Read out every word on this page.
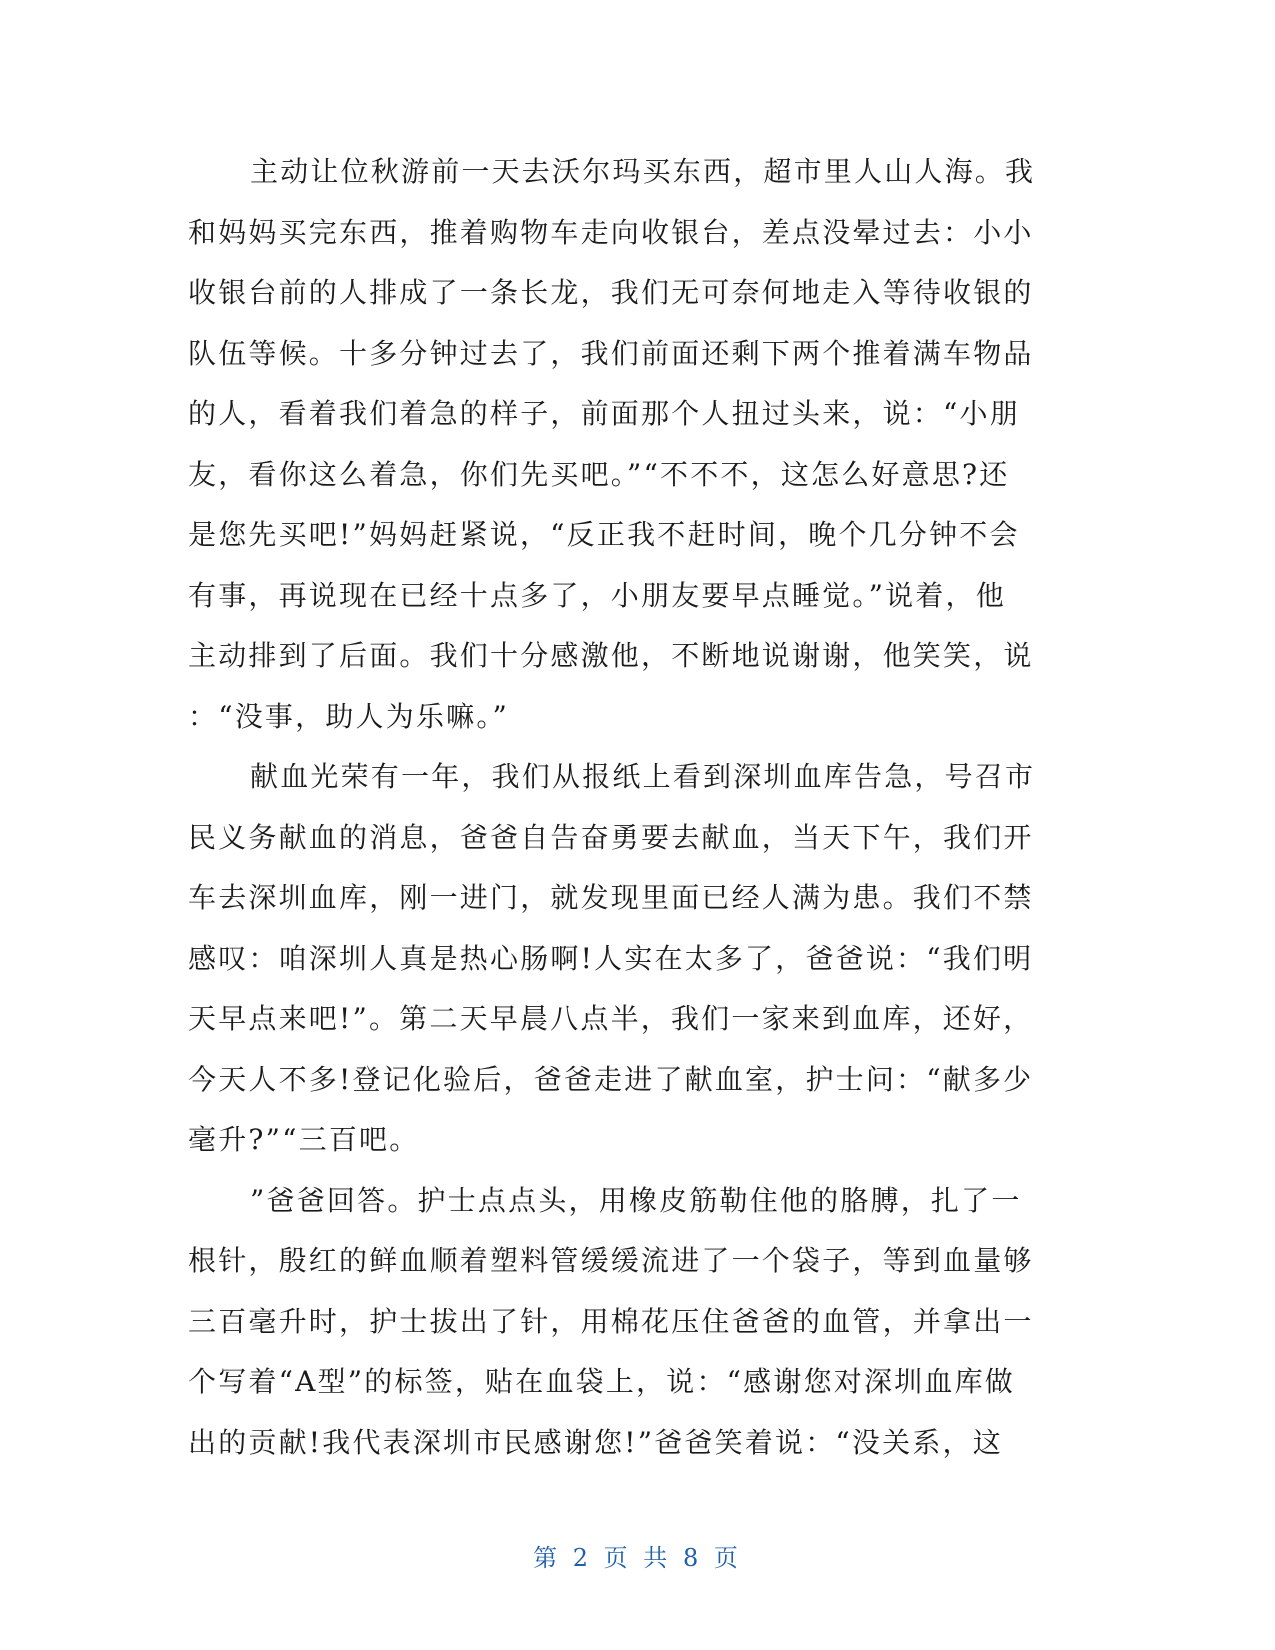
主动让位秋游前一天去沃尔玛买东西，超市里人山人海。我
和妈妈买完东西，推着购物车走向收银台，差点没晕过去：小小
收银台前的人排成了一条长龙，我们无可奈何地走入等待收银的
队伍等候。十多分钟过去了，我们前面还剩下两个推着满车物品
的人，看着我们着急的样子，前面那个人扭过头来，说：“小朋
友，看你这么着急，你们先买吧。”“不不不，这怎么好意思?还
是您先买吧!”妈妈赶紧说，“反正我不赶时间，晚个几分钟不会
有事，再说现在已经十点多了，小朋友要早点睡觉。”说着，他
主动排到了后面。我们十分感激他，不断地说谢谢，他笑笑，说
：“没事，助人为乐嘛。”
献血光荣有一年，我们从报纸上看到深圳血库告急，号召市
民义务献血的消息，爸爸自告奋勇要去献血，当天下午，我们开
车去深圳血库，刚一进门，就发现里面已经人满为患。我们不禁
感叹：咱深圳人真是热心肠啊!人实在太多了，爸爸说：“我们明
天早点来吧!”。第二天早晨八点半，我们一家来到血库，还好，
今天人不多!登记化验后，爸爸走进了献血室，护士问：“献多少
毫升?”“三百吧。
”爸爸回答。护士点点头，用橡皮筋勒住他的胳膊，扎了一
根针，殷红的鲜血顺着塑料管缓缓流进了一个袋子，等到血量够
三百毫升时，护士拔出了针，用棉花压住爸爸的血管，并拿出一
个写着“A型”的标签，贴在血袋上，说：“感谢您对深圳血库做
出的贡献!我代表深圳市民感谢您!”爸爸笑着说：“没关系，这
第 2 页 共 8 页
